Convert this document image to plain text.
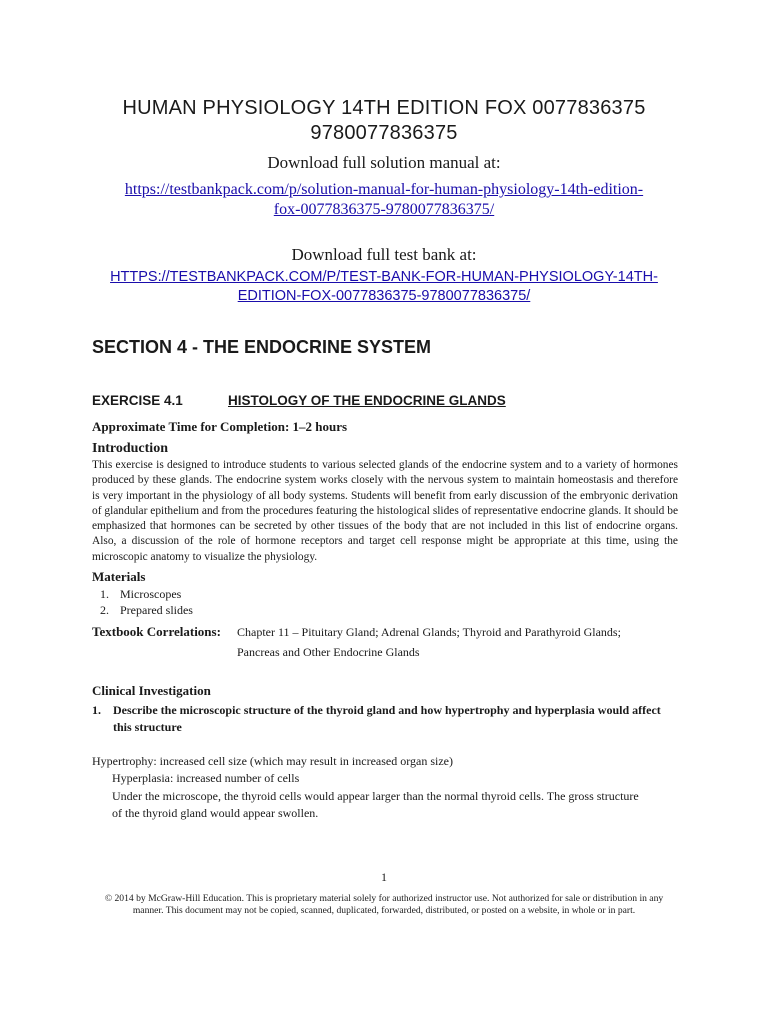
HUMAN PHYSIOLOGY 14TH EDITION FOX 0077836375
9780077836375
Download full solution manual at:
https://testbankpack.com/p/solution-manual-for-human-physiology-14th-edition-
fox-0077836375-9780077836375/
Download full test bank at:
HTTPS://TESTBANKPACK.COM/P/TEST-BANK-FOR-HUMAN-PHYSIOLOGY-14TH-
EDITION-FOX-0077836375-9780077836375/
SECTION 4 - THE ENDOCRINE SYSTEM
EXERCISE 4.1	HISTOLOGY OF THE ENDOCRINE GLANDS
Approximate Time for Completion: 1–2 hours
Introduction
This exercise is designed to introduce students to various selected glands of the endocrine system and to a variety of hormones produced by these glands. The endocrine system works closely with the nervous system to maintain homeostasis and therefore is very important in the physiology of all body systems. Students will benefit from early discussion of the embryonic derivation of glandular epithelium and from the procedures featuring the histological slides of representative endocrine glands. It should be emphasized that hormones can be secreted by other tissues of the body that are not included in this list of endocrine organs. Also, a discussion of the role of hormone receptors and target cell response might be appropriate at this time, using the microscopic anatomy to visualize the physiology.
Materials
1. Microscopes
2. Prepared slides
Textbook Correlations: Chapter 11 – Pituitary Gland; Adrenal Glands; Thyroid and Parathyroid Glands;
Pancreas and Other Endocrine Glands
Clinical Investigation
1.	Describe the microscopic structure of the thyroid gland and how hypertrophy and hyperplasia would affect this structure
Hypertrophy: increased cell size (which may result in increased organ size)
Hyperplasia: increased number of cells
Under the microscope, the thyroid cells would appear larger than the normal thyroid cells. The gross structure
of the thyroid gland would appear swollen.
1
© 2014 by McGraw-Hill Education. This is proprietary material solely for authorized instructor use. Not authorized for sale or distribution in any
manner. This document may not be copied, scanned, duplicated, forwarded, distributed, or posted on a website, in whole or in part.
